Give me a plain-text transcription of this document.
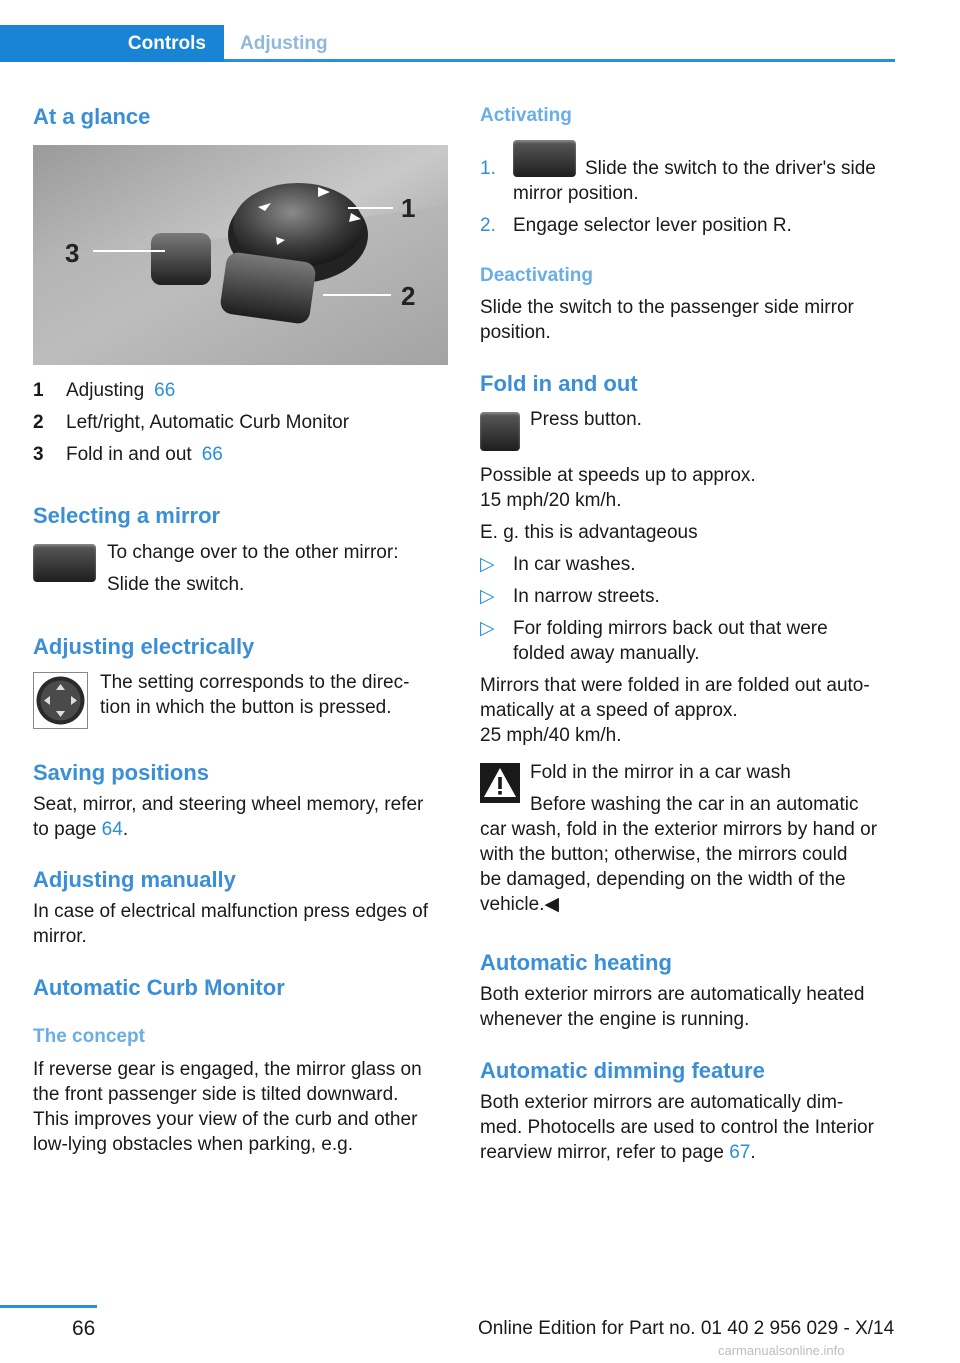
Controls Adjusting

At a glance

1
2
3
1	Adjusting 66
2	Left/right, Automatic Curb Monitor
3	Fold in and out 66

Selecting a mirror

To change over to the other mirror:

Slide the switch.

Adjusting electrically

The setting corresponds to the direc-

tion in which the button is pressed.

Saving positions

Seat, mirror, and steering wheel memory, refer

to page 64.

Adjusting manually

In case of electrical malfunction press edges of

mirror.

Automatic Curb Monitor

The concept

If reverse gear is engaged, the mirror glass on
the front passenger side is tilted downward.
This improves your view of the curb and other
low-lying obstacles when parking, e.g.

Activating

1.	Slide the switch to the driver's side
mirror position.
2. Engage selector lever position R.

Deactivating

Slide the switch to the passenger side mirror
position.

Fold in and out

Press button.
Possible at speeds up to approx.
15 mph/20 km/h.
E. g. this is advantageous
▷ In car washes.
▷ In narrow streets.
▷ For folding mirrors back out that were
folded away manually.
Mirrors that were folded in are folded out auto-
matically at a speed of approx.
25 mph/40 km/h.
Fold in the mirror in a car wash
Before washing the car in an automatic
car wash, fold in the exterior mirrors by hand or
with the button; otherwise, the mirrors could
be damaged, depending on the width of the
vehicle.◀

Automatic heating

Both exterior mirrors are automatically heated
whenever the engine is running.

Automatic dimming feature

Both exterior mirrors are automatically dim-
med. Photocells are used to control the Interior
rearview mirror, refer to page 67.
66	Online Edition for Part no. 01 40 2 956 029 - X/14
carmanualsonline.info
